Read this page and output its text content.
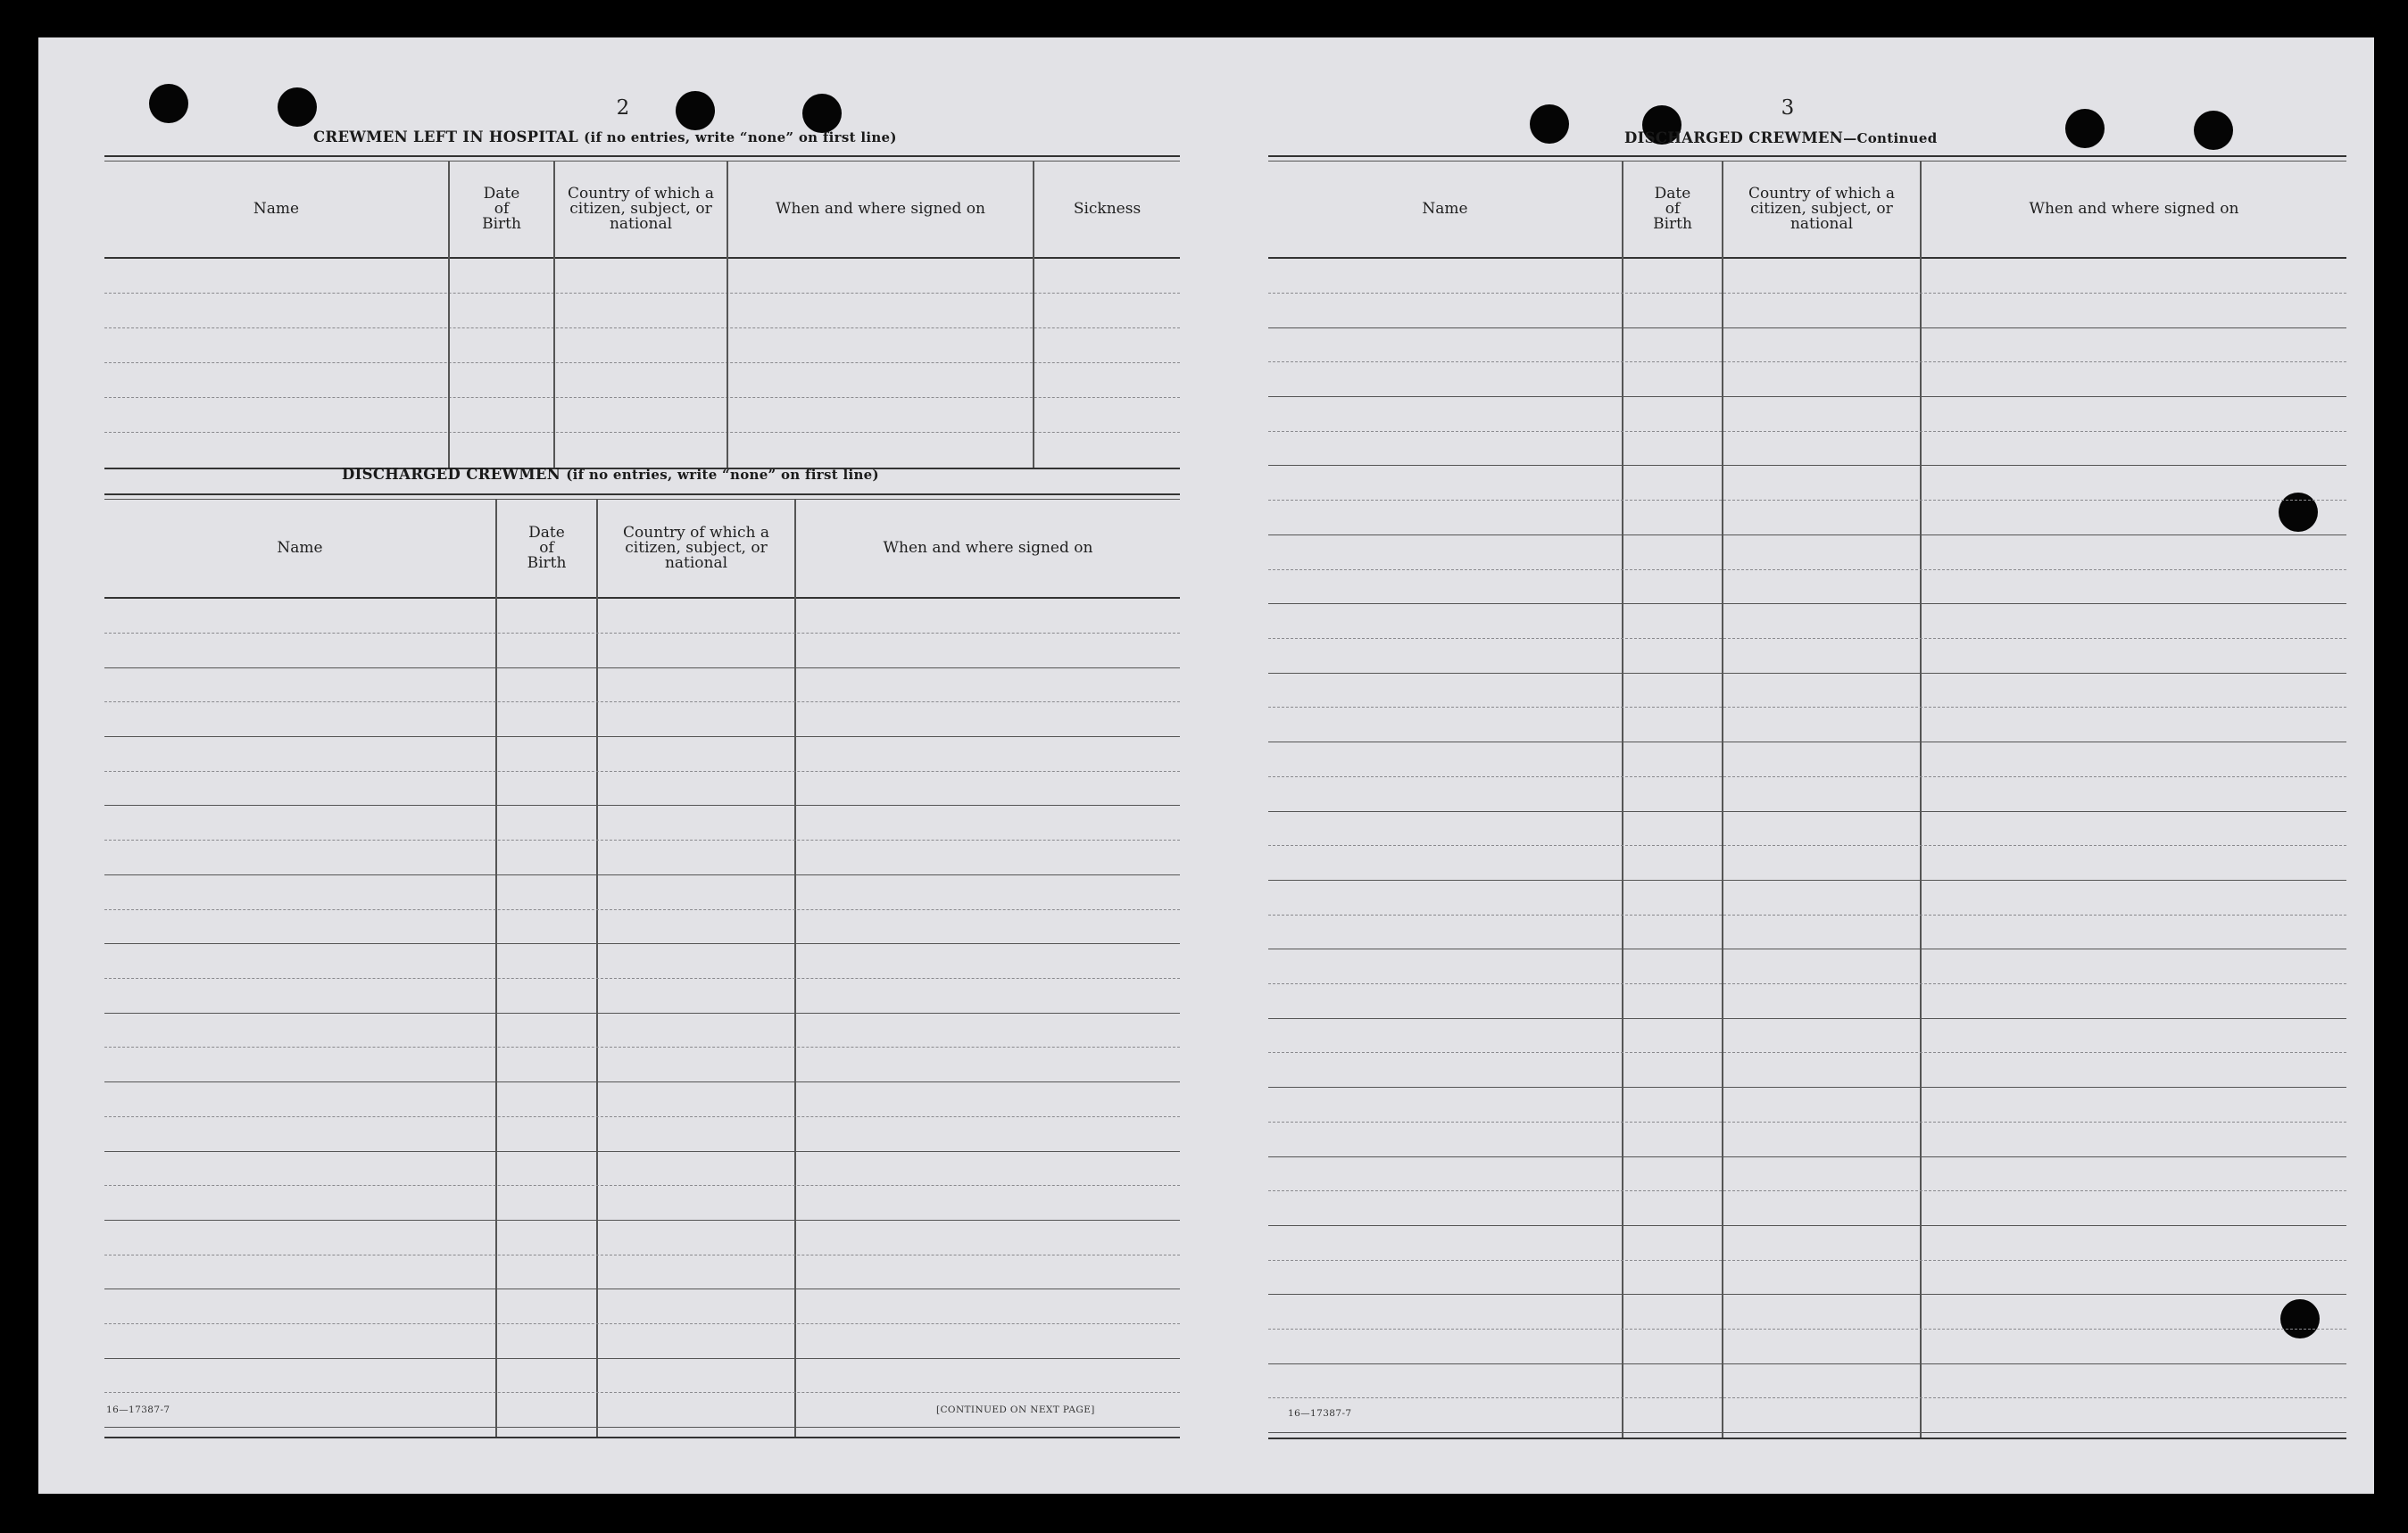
2
CREWMEN LEFT IN HOSPITAL (if no entries, write “none” on first line)
Name
Date
of
Birth
Country of which a
citizen, subject, or
national
When and where signed on	Sickness
DISCHARGED CREWMEN (if no entries, write “none” on first line)
Name
Date
of
Birth
Country of which a
citizen, subject, or
national
When and where signed on
16—17387-7	[CONTINUED ON NEXT PAGE]
3
DISCHARGED CREWMEN—Continued
Name
Date
of
Birth
Country of which a
citizen, subject, or
national
When and where signed on
16—17387-7
